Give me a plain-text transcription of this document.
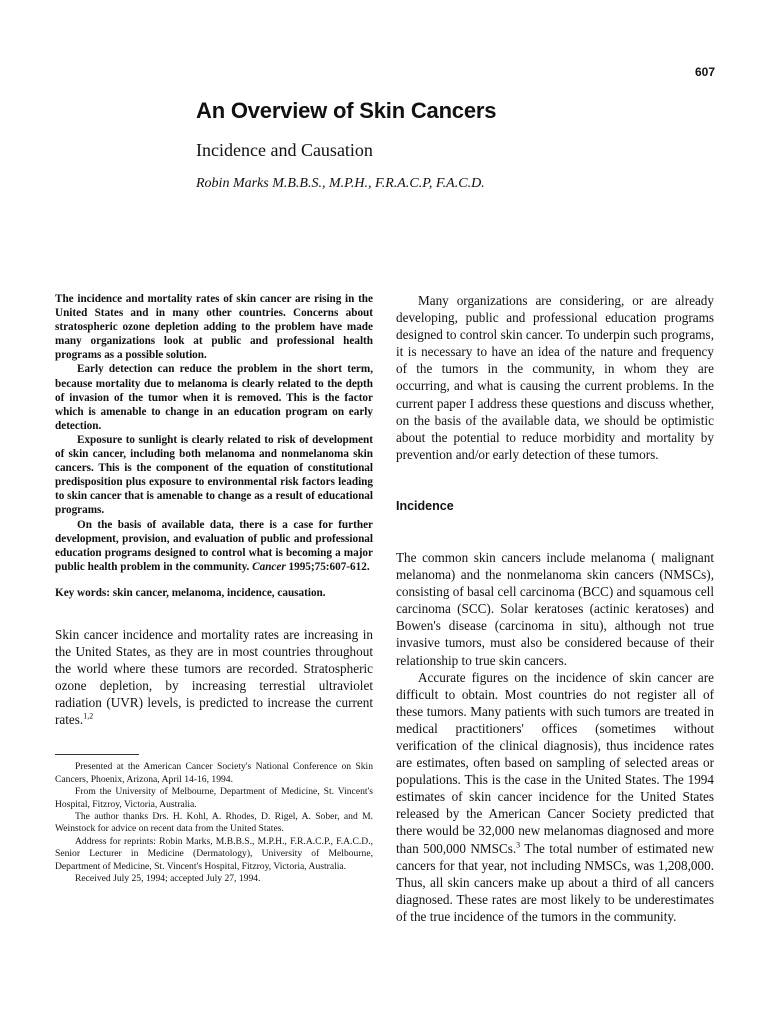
607
An Overview of Skin Cancers
Incidence and Causation
Robin Marks M.B.B.S., M.P.H., F.R.A.C.P, F.A.C.D.

The incidence and mortality rates of skin cancer are rising in the United States and in many other countries. Concerns about stratospheric ozone depletion adding to the problem have made many organizations look at public and professional health programs as a possible solution.

Early detection can reduce the problem in the short term, because mortality due to melanoma is clearly related to the depth of invasion of the tumor when it is removed. This is the factor which is amenable to change in an education program on early detection.

Exposure to sunlight is clearly related to risk of development of skin cancer, including both melanoma and nonmelanoma skin cancers. This is the component of the equation of constitutional predisposition plus exposure to environmental risk factors leading to skin cancer that is amenable to change as a result of educational programs.

On the basis of available data, there is a case for further development, provision, and evaluation of public and professional education programs designed to control what is becoming a major public health problem in the community. Cancer 1995;75:607-612.

Key words: skin cancer, melanoma, incidence, causation.

Skin cancer incidence and mortality rates are increasing in the United States, as they are in most countries throughout the world where these tumors are recorded. Stratospheric ozone depletion, by increasing terrestial ultraviolet radiation (UVR) levels, is predicted to increase the current rates.$^{1,2}$

Presented at the American Cancer Society's National Conference on Skin Cancers, Phoenix, Arizona, April 14-16, 1994.

From the University of Melbourne, Department of Medicine, St. Vincent's Hospital, Fitzroy, Victoria, Australia.

The author thanks Drs. H. Kohl, A. Rhodes, D. Rigel, A. Sober, and M. Weinstock for advice on recent data from the United States.

Address for reprints: Robin Marks, M.B.B.S., M.P.H., F.R.A.C.P., F.A.C.D., Senior Lecturer in Medicine (Dermatology), University of Melbourne, Department of Medicine, St. Vincent's Hospital, Fitzroy, Victoria, Australia.

Received July 25, 1994; accepted July 27, 1994.

Many organizations are considering, or are already developing, public and professional education programs designed to control skin cancer. To underpin such programs, it is necessary to have an idea of the nature and frequency of the tumors in the community, in whom they are occurring, and what is causing the current problems. In the current paper I address these questions and discuss whether, on the basis of the available data, we should be optimistic about the potential to reduce morbidity and mortality by prevention and/or early detection of these tumors.

Incidence

The common skin cancers include melanoma ( malignant melanoma) and the nonmelanoma skin cancers (NMSCs), consisting of basal cell carcinoma (BCC) and squamous cell carcinoma (SCC). Solar keratoses (actinic keratoses) and Bowen's disease (carcinoma in situ), although not true invasive tumors, must also be considered because of their relationship to true skin cancers.

Accurate figures on the incidence of skin cancer are difficult to obtain. Most countries do not register all of these tumors. Many patients with such tumors are treated in medical practitioners' offices (sometimes without verification of the clinical diagnosis), thus incidence rates are estimates, often based on sampling of selected areas or populations. This is the case in the United States. The 1994 estimates of skin cancer incidence for the United States released by the American Cancer Society predicted that there would be 32,000 new melanomas diagnosed and more than 500,000 NMSCs.$^3$ The total number of estimated new cancers for that year, not including NMSCs, was 1,208,000. Thus, all skin cancers make up about a third of all cancers diagnosed. These rates are most likely to be underestimates of the true incidence of the tumors in the community.
